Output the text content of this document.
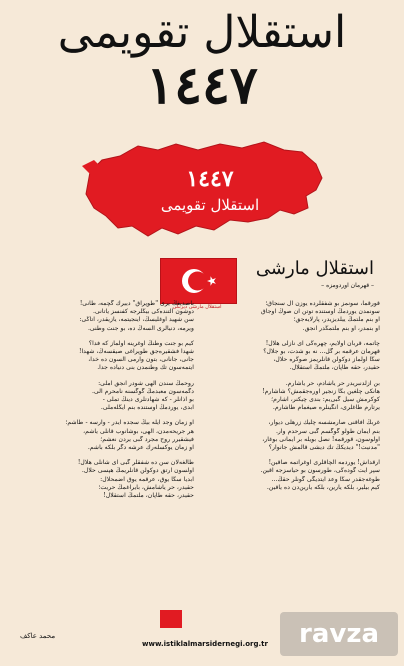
استقلال تقويمى
١٤٤٧
١٤٤٧
استقلال تقويمى
استقلال مارشی دیرنگی
استقلال مارشی
– قهرمان اوردومزه –
قورقما، سونمز بو شفقلرده یوزن آل سنجاق؛
سونمدن یوردمڭ اوستنده توتن ان صوڭ اوجاق
او بنم ملتمڭ ییلدیزیدر، پارلایه‌جق؛
او بنمدر، او بنم ملتمڭدر آنجق.
چاتمه، قربان اولايم، چهره‌ڭی ای نازلی هلال!
قهرمان عرقمه بر گل... نه بو شدت، بو جلال؟
سڭا اولماز دوكولن قانلريمز صوڭره حلال،
حقیدر، حقه طاپان، ملتمڭ استقلال.
بن ازلدنبریدر حر یاشادم، حر یاشارم.
هانكی چلغین بڭا زنجیر اوره‌جقمش؟ شاشارم!
کوکرمش سیل گبی‌یم: بندی چیکنر، آشارم؛
يرتارم طاغلری، انگینلره صیغمام طاشارم.
غربڭ آفاقنی صارمشسه چلیك زرهلی دیوار،
بنم ایمان طولو گوگسم گبی سرحدم وار.
اولوسون، قورقمه! نصل بویله بر ایمانی بوغار،
"مدنیت!" دیدیکڭ تك دیشی قالمش جانوار؟
آرقداش! یوردمه آلچاقلری اوغراتمه صاقین!
سپر ایت گوده‌ڭی، طورسون بو حیاسزجه آقین.
طوغه‌جقدر سڭا وعد ایتدیگی گونلر حقڭ...
کیم بیلیر، بلکه یارین، بلکه یارین‌دن ده یاقین.
باصدیغڭ یری "طوپراق" دییرك گچمه، طانی!
دوشون آلتنده‌کی بیڭلرجه کفنسز یاتانی.
سن شهید اوغلیسڭ، اینجیتمه، یازیقدر، آتاڭی:
ویرمه، دنیالری آلسه‌ڭ ده، بو جنت وطنی.
کیم بو جنت وطنڭ اوغرینه اولماز که فدا؟
شهدا فشقیره‌جق طوپراغی صیقسه‌ڭ، شهدا!
جانی، جانانی، بتون وارمی آلسون ده خدا،
ایتمه‌سون تك وطنمدن بنی دنیاده جدا.
روحمڭ سندن الهی شودر انجق املی:
دگمه‌سون معبدمڭ گوگسنه نامحرم الی.
بو اذانلر - که شهادتلری دینڭ تملی -
ابدی، یوردمڭ اوستنده بنم ایڭله‌ملی.
او زمان وجد ایله بیڭ سجده ایدر - وارسه - طاشم؛
هر جریحه‌مدن، الهی، بوشانوب قانلی یاشم،
فیشقیرر روح مجرد گبی یردن نعشم؛
او زمان یوكسله‌رك عرشه دگر بلكه باشم.
طالغه‌لان سن ده شفقلر گبی ای شانلی هلال!
اولسون آرتق دوكولن قانلریمڭ هپسی حلال.
ابدیا سڭا یوق، عرقمه یوق اضمحلال:
حقیدر، حر یاشامش، بایراغمڭ حریت؛
حقیدر، حقه طاپان، ملتمڭ استقلال!
محمد عاکف
www.istiklalmarsidernegi.org.tr	ravza
